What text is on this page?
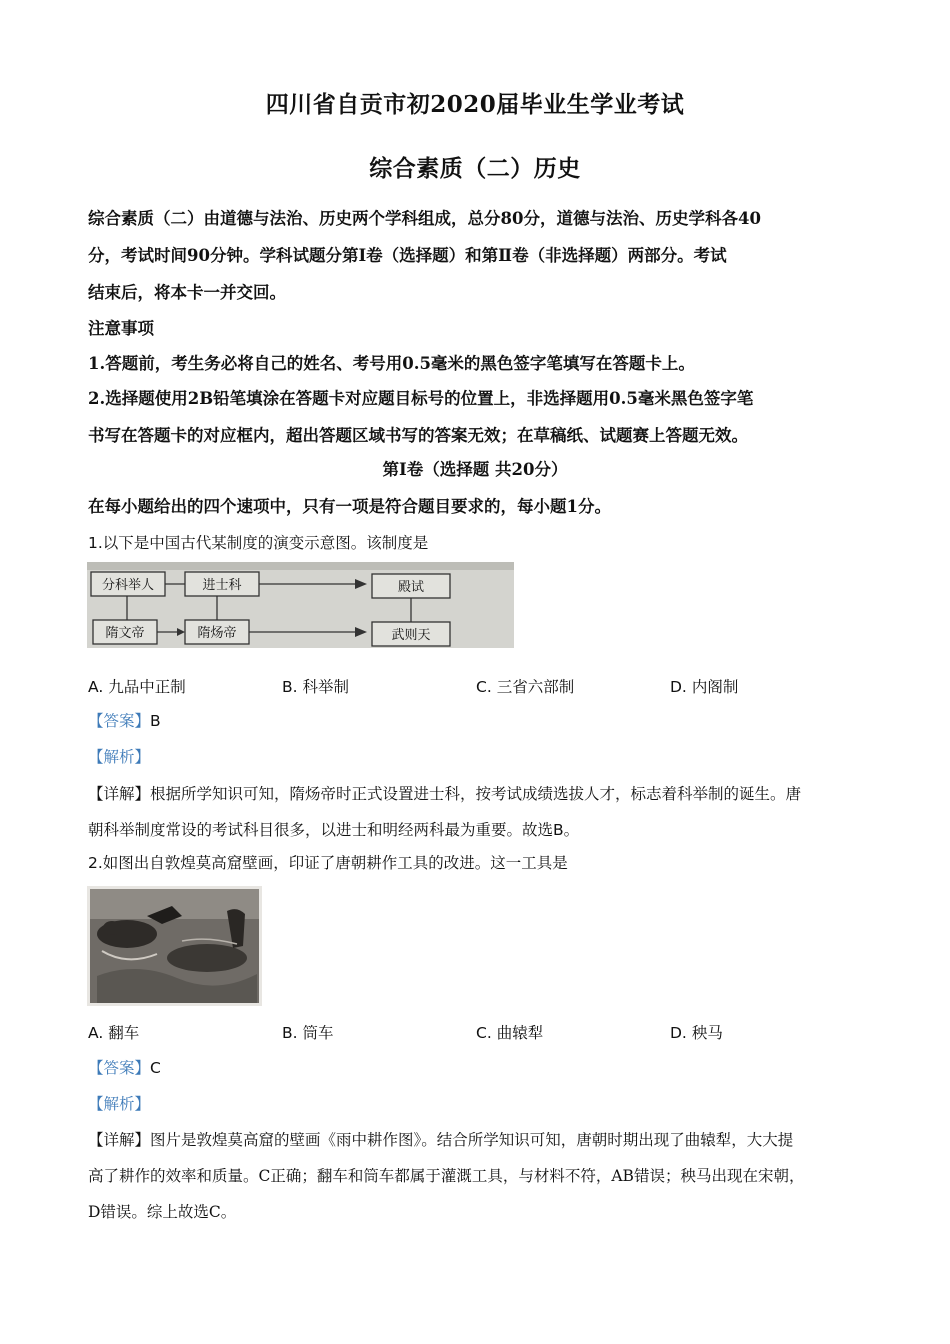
四川省自贡市初2020届毕业生学业考试
综合素质（二）历史
综合素质（二）由道德与法治、历史两个学科组成，总分80分，道德与法治、历史学科各40
分，考试时间90分钟。学科试题分第Ⅰ卷（选择题）和第Ⅱ卷（非选择题）两部分。考试
结束后，将本卡一并交回。
注意事项
1.答题前，考生务必将自己的姓名、考号用0.5毫米的黑色签字笔填写在答题卡上。
2.选择题使用2B铅笔填涂在答题卡对应题目标号的位置上，非选择题用0.5毫米黑色签字笔
书写在答题卡的对应框内，超出答题区域书写的答案无效；在草稿纸、试题赛上答题无效。
第Ⅰ卷（选择题 共20分）
在每小题给出的四个速项中，只有一项是符合题目要求的，每小题1分。
1.以下是中国古代某制度的演变示意图。该制度是
分科举人	进士科	殿试
隋文帝	隋炀帝	武则天
A. 九品中正制	B. 科举制	C. 三省六部制	D. 内阁制
【答案】B
【解析】
【详解】根据所学知识可知，隋炀帝时正式设置进士科，按考试成绩选拔人才，标志着科举制的诞生。唐
朝科举制度常设的考试科目很多，以进士和明经两科最为重要。故选B。
2.如图出自敦煌莫高窟壁画，印证了唐朝耕作工具的改进。这一工具是
A. 翻车	B. 筒车	C. 曲辕犁	D. 秧马
【答案】C
【解析】
【详解】图片是敦煌莫高窟的壁画《雨中耕作图》。结合所学知识可知，唐朝时期出现了曲辕犁，大大提
高了耕作的效率和质量。C正确；翻车和筒车都属于灌溉工具，与材料不符，AB错误；秧马出现在宋朝，
D错误。综上故选C。
